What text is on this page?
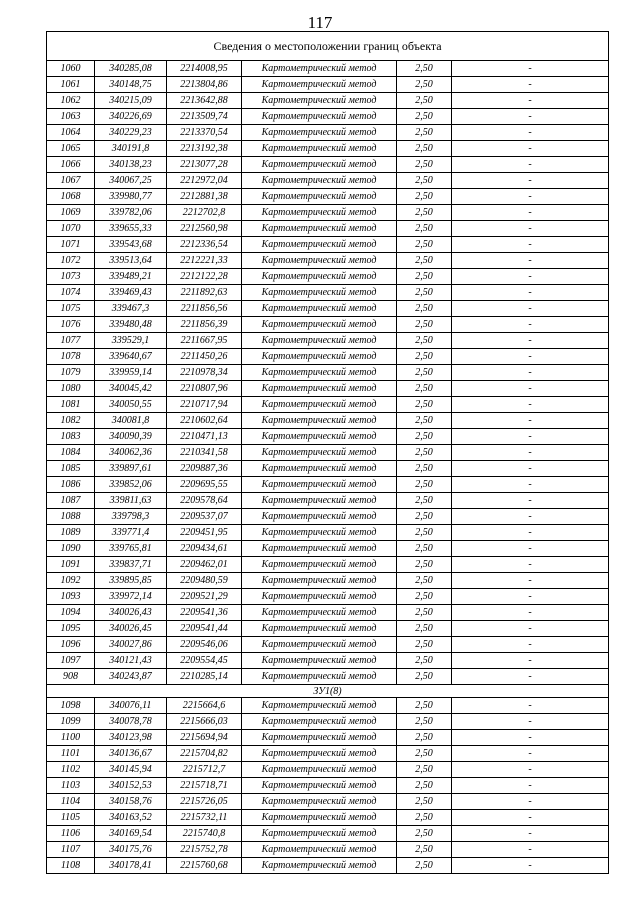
117
Сведения о местоположении границ объекта					
1060	340285,08	2214008,95	Картометрический метод	2,50	-
1061	340148,75	2213804,86	Картометрический метод	2,50	-
1062	340215,09	2213642,88	Картометрический метод	2,50	-
1063	340226,69	2213509,74	Картометрический метод	2,50	-
1064	340229,23	2213370,54	Картометрический метод	2,50	-
1065	340191,8	2213192,38	Картометрический метод	2,50	-
1066	340138,23	2213077,28	Картометрический метод	2,50	-
1067	340067,25	2212972,04	Картометрический метод	2,50	-
1068	339980,77	2212881,38	Картометрический метод	2,50	-
1069	339782,06	2212702,8	Картометрический метод	2,50	-
1070	339655,33	2212560,98	Картометрический метод	2,50	-
1071	339543,68	2212336,54	Картометрический метод	2,50	-
1072	339513,64	2212221,33	Картометрический метод	2,50	-
1073	339489,21	2212122,28	Картометрический метод	2,50	-
1074	339469,43	2211892,63	Картометрический метод	2,50	-
1075	339467,3	2211856,56	Картометрический метод	2,50	-
1076	339480,48	2211856,39	Картометрический метод	2,50	-
1077	339529,1	2211667,95	Картометрический метод	2,50	-
1078	339640,67	2211450,26	Картометрический метод	2,50	-
1079	339959,14	2210978,34	Картометрический метод	2,50	-
1080	340045,42	2210807,96	Картометрический метод	2,50	-
1081	340050,55	2210717,94	Картометрический метод	2,50	-
1082	340081,8	2210602,64	Картометрический метод	2,50	-
1083	340090,39	2210471,13	Картометрический метод	2,50	-
1084	340062,36	2210341,58	Картометрический метод	2,50	-
1085	339897,61	2209887,36	Картометрический метод	2,50	-
1086	339852,06	2209695,55	Картометрический метод	2,50	-
1087	339811,63	2209578,64	Картометрический метод	2,50	-
1088	339798,3	2209537,07	Картометрический метод	2,50	-
1089	339771,4	2209451,95	Картометрический метод	2,50	-
1090	339765,81	2209434,61	Картометрический метод	2,50	-
1091	339837,71	2209462,01	Картометрический метод	2,50	-
1092	339895,85	2209480,59	Картометрический метод	2,50	-
1093	339972,14	2209521,29	Картометрический метод	2,50	-
1094	340026,43	2209541,36	Картометрический метод	2,50	-
1095	340026,45	2209541,44	Картометрический метод	2,50	-
1096	340027,86	2209546,06	Картометрический метод	2,50	-
1097	340121,43	2209554,45	Картометрический метод	2,50	-
908	340243,87	2210285,14	Картометрический метод	2,50	-
ЗУ1(8)					
1098	340076,11	2215664,6	Картометрический метод	2,50	-
1099	340078,78	2215666,03	Картометрический метод	2,50	-
1100	340123,98	2215694,94	Картометрический метод	2,50	-
1101	340136,67	2215704,82	Картометрический метод	2,50	-
1102	340145,94	2215712,7	Картометрический метод	2,50	-
1103	340152,53	2215718,71	Картометрический метод	2,50	-
1104	340158,76	2215726,05	Картометрический метод	2,50	-
1105	340163,52	2215732,11	Картометрический метод	2,50	-
1106	340169,54	2215740,8	Картометрический метод	2,50	-
1107	340175,76	2215752,78	Картометрический метод	2,50	-
1108	340178,41	2215760,68	Картометрический метод	2,50	-
